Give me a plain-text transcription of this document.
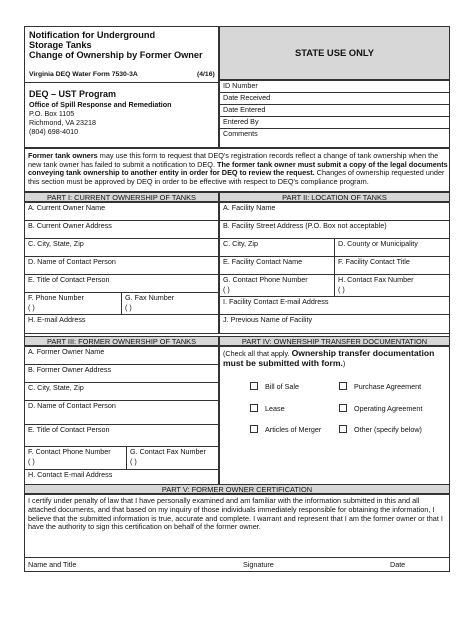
Notification for Underground
Storage Tanks
Change of Ownership by Former Owner
Virginia DEQ Water Form 7530-3A	(4/16)
DEQ – UST Program
Office of Spill Response and Remediation
P.O. Box 1105
Richmond, VA 23218
(804) 698-4010
STATE USE ONLY
ID Number
Date Received
Date Entered
Entered By
Comments
Former tank owners may use this form to request that DEQ's registration records reflect a change of tank ownership when the new tank owner has failed to submit a notification to DEQ. The former tank owner must submit a copy of the legal documents conveying tank ownership to another entity in order for DEQ to review the request. Changes of ownership requested under this section must be approved by DEQ in order to be effective with respect to DEQ's compliance program.
PART I: CURRENT OWNERSHIP OF TANKS	PART II: LOCATION OF TANKS
A. Current Owner Name
B. Current Owner Address
C. City, State, Zip
D. Name of Contact Person
E. Title of Contact Person
F. Phone Number
( )
G. Fax Number
( )
H. E-mail Address
A. Facility Name
B. Facility Street Address (P.O. Box not acceptable)
C. City, Zip	D. County or Municipality
E. Facility Contact Name	F. Facility Contact Title
G. Contact Phone Number
( )
H. Contact Fax Number
( )
I. Facility Contact E-mail Address
J. Previous Name of Facility
PART III: FORMER OWNERSHIP OF TANKS	PART IV: OWNERSHIP TRANSFER DOCUMENTATION
A. Former Owner Name
B. Former Owner Address
C. City, State, Zip
D. Name of Contact Person
E. Title of Contact Person
F. Contact Phone Number
( )
G. Contact Fax Number
( )
H. Contact E-mail Address
(Check all that apply. Ownership transfer documentation must be submitted with form.)
Bill of Sale	Purchase Agreement
Lease	Operating Agreement
Articles of Merger	Other (specify below)
PART V: FORMER OWNER CERTIFICATION
I certify under penalty of law that I have personally examined and am familiar with the information submitted in this and all attached documents, and that based on my inquiry of those individuals immediately responsible for obtaining the information, I believe that the submitted information is true, accurate and complete. I warrant and represent that I am the former owner or that I have the authority to sign this certification on behalf of the former owner.
Name and Title	Signature	Date
